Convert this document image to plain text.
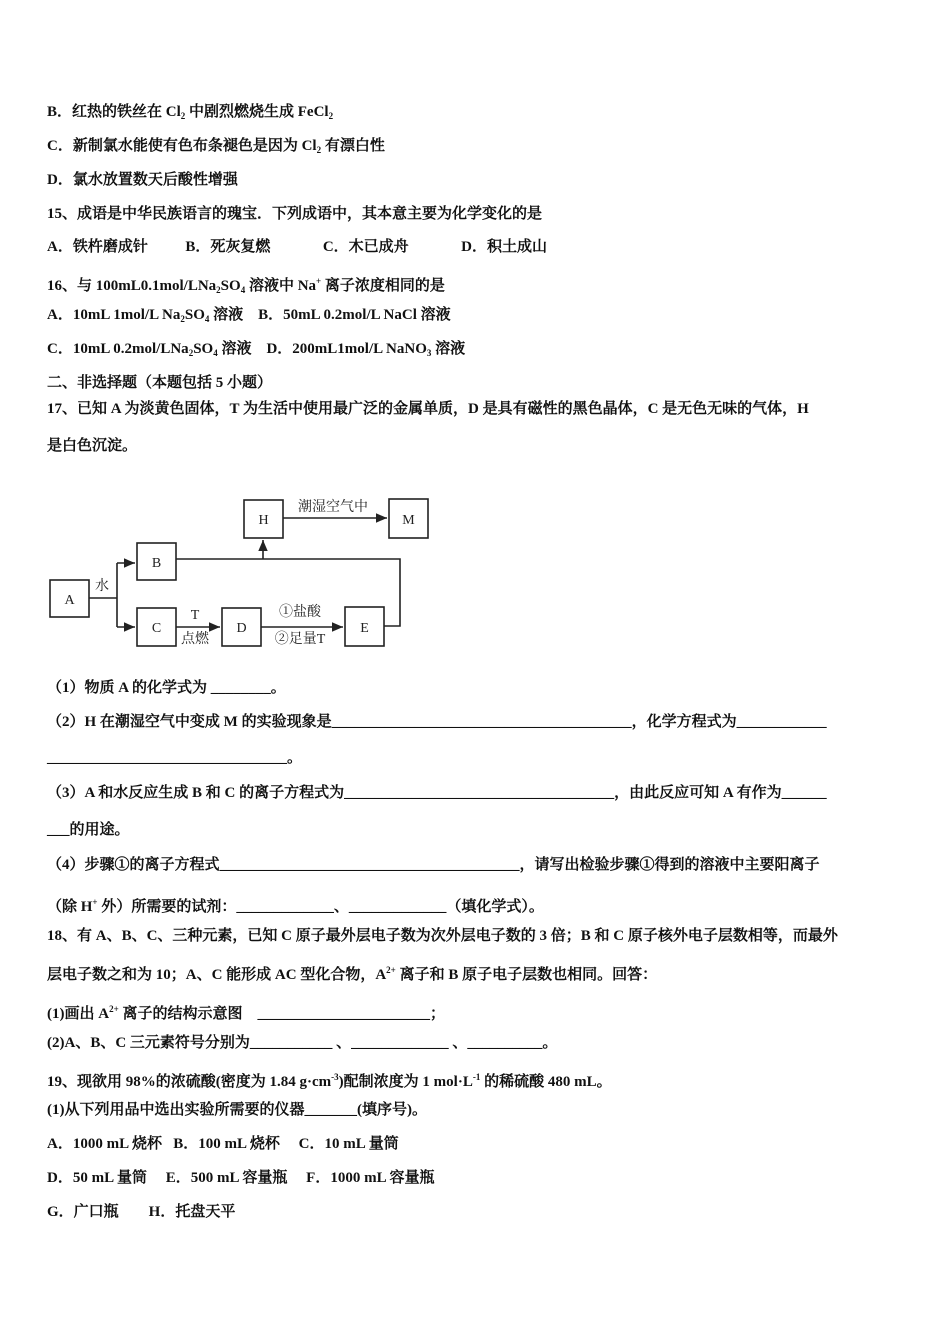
B．红热的铁丝在 $Cl_2$ 中剧烈燃烧生成 FeCl$_2$
C．新制氯水能使有色布条褪色是因为 $Cl_2$ 有漂白性
D．氯水放置数天后酸性增强
15、成语是中华民族语言的瑰宝．下列成语中，其本意主要为化学变化的是
A．铁杵磨成针          B．死灰复燃              C．木已成舟              D．积土成山
16、与 $100mL0.1mol/LNa_2SO_4$ 溶液中 Na+ 离子浓度相同的是
A．10mL 1mol/L $Na_2SO_4$ 溶液    B．50mL 0.2mol/L NaCl 溶液
C．10mL $0.2mol/LNa_2SO_4$ 溶液    D．200mL1mol/L NaNO$_3$ 溶液
二、非选择题（本题包括 5 小题）
17、已知 A 为淡黄色固体，T 为生活中使用最广泛的金属单质，D 是具有磁性的黑色晶体，C 是无色无味的气体，H
是白色沉淀。
（1）物质 A 的化学式为 ________。
（2）H 在潮湿空气中变成 M 的实验现象是________________________________________，化学方程式为____________
________________________________。
（3）A 和水反应生成 B 和 C 的离子方程式为____________________________________，由此反应可知 A 有作为______
___的用途。
（4）步骤①的离子方程式________________________________________，请写出检验步骤①得到的溶液中主要阳离子
（除 H+ 外）所需要的试剂：_____________、_____________（填化学式）。
18、有 A、B、C、三种元素，已知 C 原子最外层电子数为次外层电子数的 3 倍；B 和 C 原子核外电子层数相等，而最外
层电子数之和为 10；A、C 能形成 AC 型化合物，$A^{2+}$ 离子和 B 原子电子层数也相同。回答：
(1)画出 $A^{2+}$ 离子的结构示意图    _______________________；
(2)A、B、C 三元素符号分别为___________ 、_____________ 、__________。
19、现欲用 98%的浓硫酸(密度为 1.84 $g\cdot cm^{-3}$)配制浓度为 1 $mol\cdot L^{-1}$ 的稀硫酸 480 mL。
(1)从下列用品中选出实验所需要的仪器_______(填序号)。
A．1000 mL 烧杯   B．100 mL 烧杯     C．10 mL 量筒
D．50 mL 量筒     E．500 mL 容量瓶     F．1000 mL 容量瓶
G．广口瓶        H．托盘天平
A
B
C	D	E
H	M
水
T
点燃
①盐酸
②足量T
潮湿空气中
